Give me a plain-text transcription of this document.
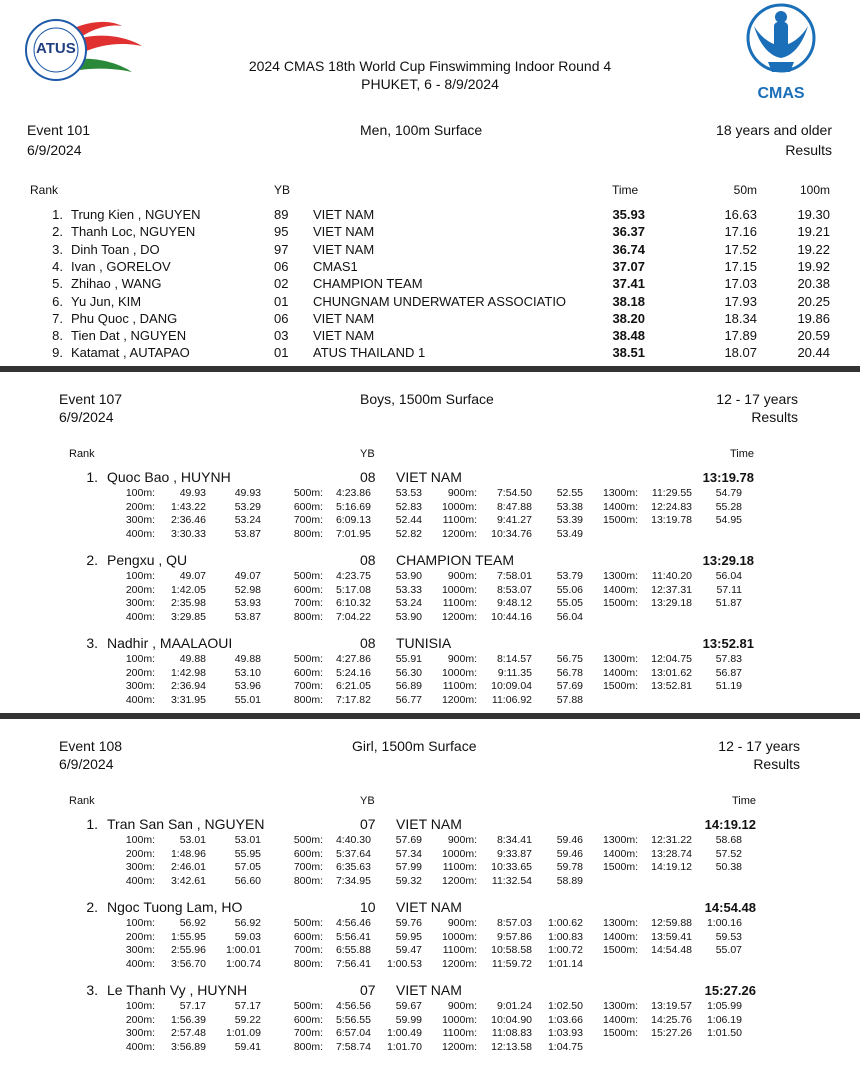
ATUS
2024 CMAS 18th World Cup Finswimming Indoor Round 4
PHUKET, 6 - 8/9/2024
CMAS
Event 101
6/9/2024
Men, 100m Surface	18 years and older
Results
Rank	YB	Time	50m	100m
1. Trung Kien , NGUYEN	89 VIET NAM	35.93	16.63	19.30
2. Thanh Loc, NGUYEN	95 VIET NAM	36.37	17.16	19.21
3. Dinh Toan , DO	97 VIET NAM	36.74	17.52	19.22
4. Ivan , GORELOV	06 CMAS1	37.07	17.15	19.92
5. Zhihao , WANG	02 CHAMPION TEAM	37.41	17.03	20.38
6. Yu Jun, KIM	01 CHUNGNAM UNDERWATER ASSOCIATIO	38.18	17.93	20.25
7. Phu Quoc , DANG	06 VIET NAM	38.20	18.34	19.86
8. Tien Dat , NGUYEN	03 VIET NAM	38.48	17.89	20.59
9. Katamat , AUTAPAO	01 ATUS THAILAND 1	38.51	18.07	20.44
Event 107
6/9/2024
Boys, 1500m Surface	12 - 17 years
Results
Rank	YB	Time
1. Quoc Bao , HUYNH	08 VIET NAM	13:19.78
100m: 49.93	49.93	500m: 4:23.86 53.53 900m: 7:54.50 52.55 1300m: 11:29.55 54.79
200m: 1:43.22	53.29	600m: 5:16.69 52.83 1000m: 8:47.88 53.38 1400m: 12:24.83 55.28
300m: 2:36.46	53.24	700m: 6:09.13 52.44 1100m: 9:41.27 53.39 1500m: 13:19.78 54.95
400m: 3:30.33	53.87	800m: 7:01.95 52.82 1200m: 10:34.76 53.49
2. Pengxu , QU	08 CHAMPION TEAM	13:29.18
100m: 49.07	49.07	500m: 4:23.75 53.90 900m: 7:58.01 53.79 1300m: 11:40.20 56.04
200m: 1:42.05	52.98	600m: 5:17.08 53.33 1000m: 8:53.07 55.06 1400m: 12:37.31 57.11
300m: 2:35.98	53.93	700m: 6:10.32 53.24 1100m: 9:48.12 55.05 1500m: 13:29.18 51.87
400m: 3:29.85	53.87	800m: 7:04.22 53.90 1200m: 10:44.16 56.04
3. Nadhir , MAALAOUI	08 TUNISIA	13:52.81
100m: 49.88	49.88	500m: 4:27.86 55.91 900m: 8:14.57 56.75 1300m: 12:04.75 57.83
200m: 1:42.98	53.10	600m: 5:24.16 56.30 1000m: 9:11.35 56.78 1400m: 13:01.62 56.87
300m: 2:36.94	53.96	700m: 6:21.05 56.89 1100m: 10:09.04 57.69 1500m: 13:52.81 51.19
400m: 3:31.95	55.01	800m: 7:17.82 56.77 1200m: 11:06.92 57.88
Event 108
6/9/2024
Girl, 1500m Surface	12 - 17 years
Results
Rank	YB	Time
1. Tran San San , NGUYEN	07 VIET NAM	14:19.12
100m: 53.01	53.01	500m: 4:40.30 57.69 900m: 8:34.41 59.46 1300m: 12:31.22 58.68
200m: 1:48.96	55.95	600m: 5:37.64 57.34 1000m: 9:33.87 59.46 1400m: 13:28.74 57.52
300m: 2:46.01	57.05	700m: 6:35.63 57.99 1100m: 10:33.65 59.78 1500m: 14:19.12 50.38
400m: 3:42.61	56.60	800m: 7:34.95 59.32 1200m: 11:32.54 58.89
2. Ngoc Tuong Lam, HO	10 VIET NAM	14:54.48
100m: 56.92	56.92	500m: 4:56.46 59.76 900m: 8:57.03 1:00.62 1300m: 12:59.88 1:00.16
200m: 1:55.95	59.03	600m: 5:56.41 59.95 1000m: 9:57.86 1:00.83 1400m: 13:59.41 59.53
300m: 2:55.96 1:00.01	700m: 6:55.88 59.47 1100m: 10:58.58 1:00.72 1500m: 14:54.48 55.07
400m: 3:56.70 1:00.74	800m: 7:56.41 1:00.53 1200m: 11:59.72 1:01.14
3. Le Thanh Vy , HUYNH	07 VIET NAM	15:27.26
100m: 57.17	57.17	500m: 4:56.56 59.67 900m: 9:01.24 1:02.50 1300m: 13:19.57 1:05.99
200m: 1:56.39	59.22	600m: 5:56.55 59.99 1000m: 10:04.90 1:03.66 1400m: 14:25.76 1:06.19
300m: 2:57.48 1:01.09	700m: 6:57.04 1:00.49 1100m: 11:08.83 1:03.93 1500m: 15:27.26 1:01.50
400m: 3:56.89	59.41	800m: 7:58.74 1:01.70 1200m: 12:13.58 1:04.75
